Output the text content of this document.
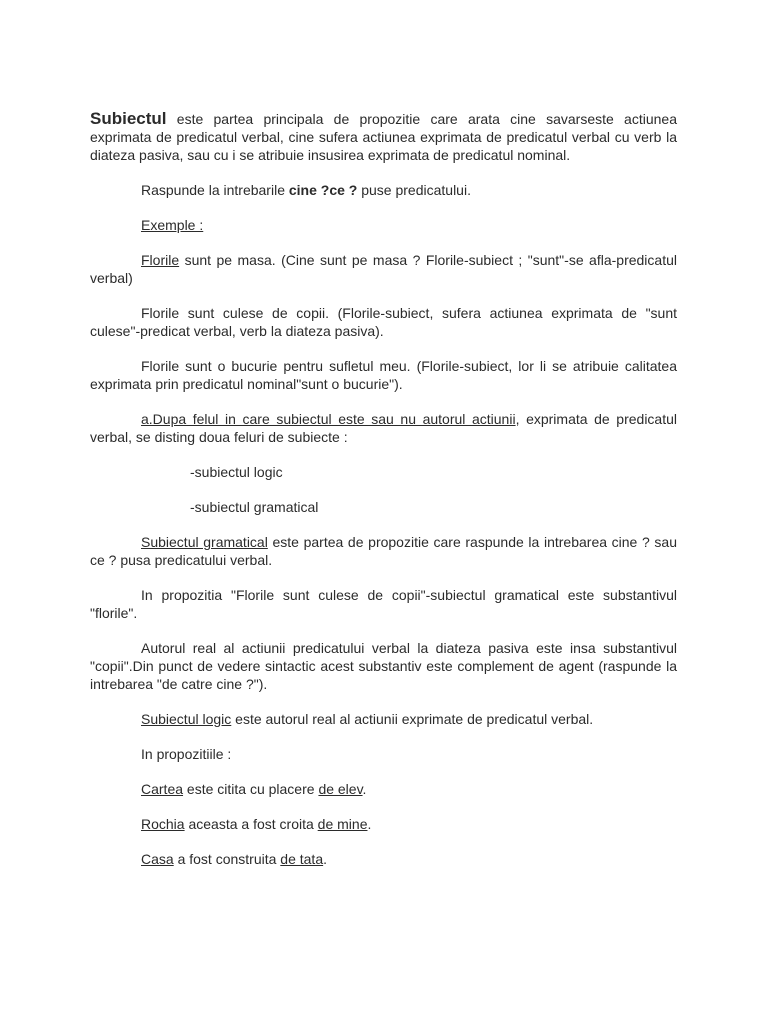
Subiectul este partea principala de propozitie care arata cine savarseste actiunea exprimata de predicatul verbal, cine sufera actiunea exprimata de predicatul verbal cu verb la diateza pasiva, sau cu i se atribuie insusirea exprimata de predicatul nominal.

Raspunde la intrebarile cine ?ce ? puse predicatului.

Exemple :

Florile sunt pe masa. (Cine sunt pe masa ? Florile-subiect ; "sunt"-se afla-predicatul verbal)

Florile sunt culese de copii. (Florile-subiect, sufera actiunea exprimata de "sunt culese"-predicat verbal, verb la diateza pasiva).

Florile sunt o bucurie pentru sufletul meu. (Florile-subiect, lor li se atribuie calitatea exprimata prin predicatul nominal"sunt o bucurie").

a.Dupa felul in care subiectul este sau nu autorul actiunii, exprimata de predicatul verbal, se disting doua feluri de subiecte :

-subiectul logic

-subiectul gramatical

Subiectul gramatical este partea de propozitie care raspunde la intrebarea cine ? sau ce ? pusa predicatului verbal.

In propozitia "Florile sunt culese de copii"-subiectul gramatical este substantivul "florile".

Autorul real al actiunii predicatului verbal la diateza pasiva este insa substantivul "copii".Din punct de vedere sintactic acest substantiv este complement de agent (raspunde la intrebarea "de catre cine ?").

Subiectul logic este autorul real al actiunii exprimate de predicatul verbal.

In propozitiile :

Cartea este citita cu placere de elev.

Rochia aceasta a fost croita de mine.

Casa a fost construita de tata.
